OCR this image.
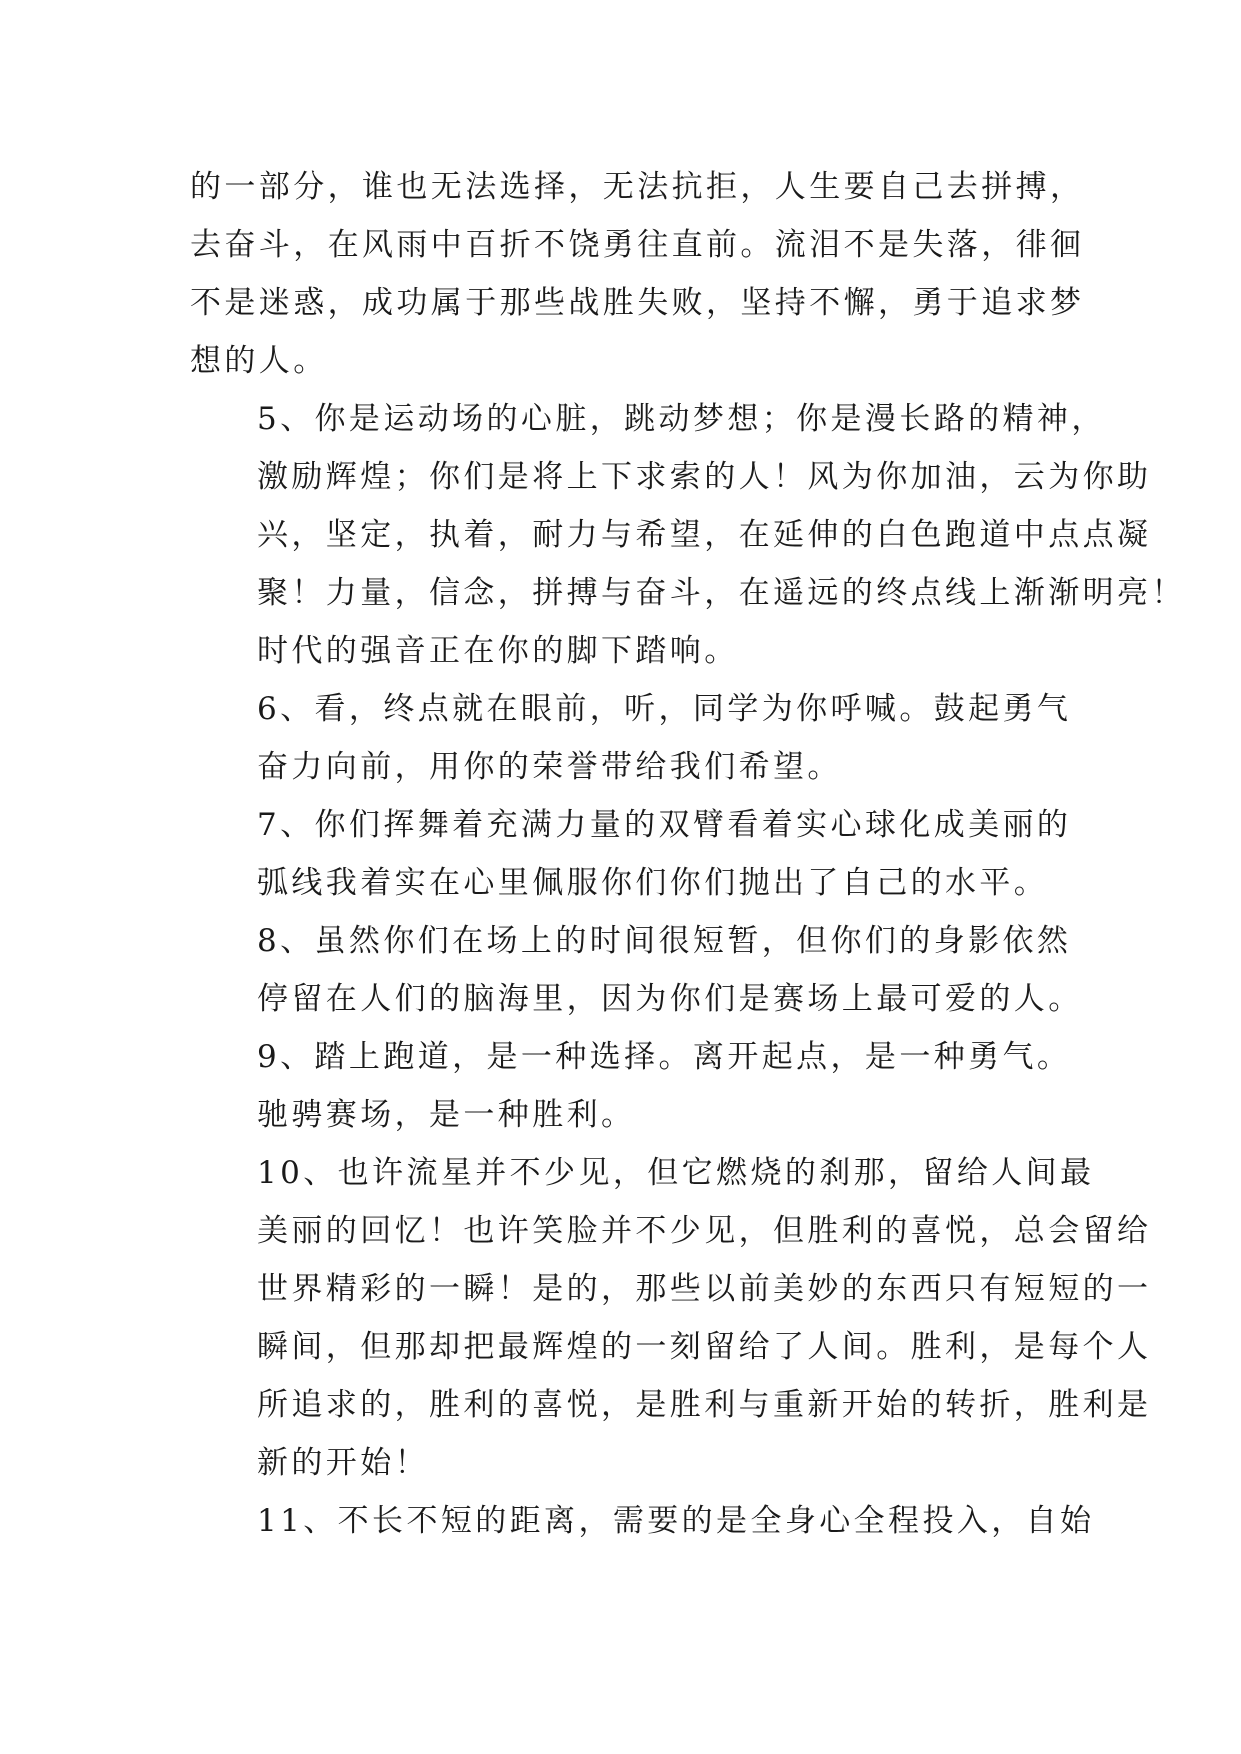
的一部分，谁也无法选择，无法抗拒，人生要自己去拼搏，
去奋斗，在风雨中百折不饶勇往直前。流泪不是失落，徘徊
不是迷惑，成功属于那些战胜失败，坚持不懈，勇于追求梦
想的人。

5、你是运动场的心脏，跳动梦想；你是漫长路的精神，
激励辉煌；你们是将上下求索的人！风为你加油，云为你助
兴，坚定，执着，耐力与希望，在延伸的白色跑道中点点凝
聚！力量，信念，拼搏与奋斗，在遥远的终点线上渐渐明亮！
时代的强音正在你的脚下踏响。

6、看，终点就在眼前，听，同学为你呼喊。鼓起勇气
奋力向前，用你的荣誉带给我们希望。

7、你们挥舞着充满力量的双臂看着实心球化成美丽的
弧线我着实在心里佩服你们你们抛出了自己的水平。

8、虽然你们在场上的时间很短暂，但你们的身影依然
停留在人们的脑海里，因为你们是赛场上最可爱的人。

9、踏上跑道，是一种选择。离开起点，是一种勇气。
驰骋赛场，是一种胜利。

10、也许流星并不少见，但它燃烧的刹那，留给人间最
美丽的回忆！也许笑脸并不少见，但胜利的喜悦，总会留给
世界精彩的一瞬！是的，那些以前美妙的东西只有短短的一
瞬间，但那却把最辉煌的一刻留给了人间。胜利，是每个人
所追求的，胜利的喜悦，是胜利与重新开始的转折，胜利是
新的开始！

11、不长不短的距离，需要的是全身心全程投入，自始
